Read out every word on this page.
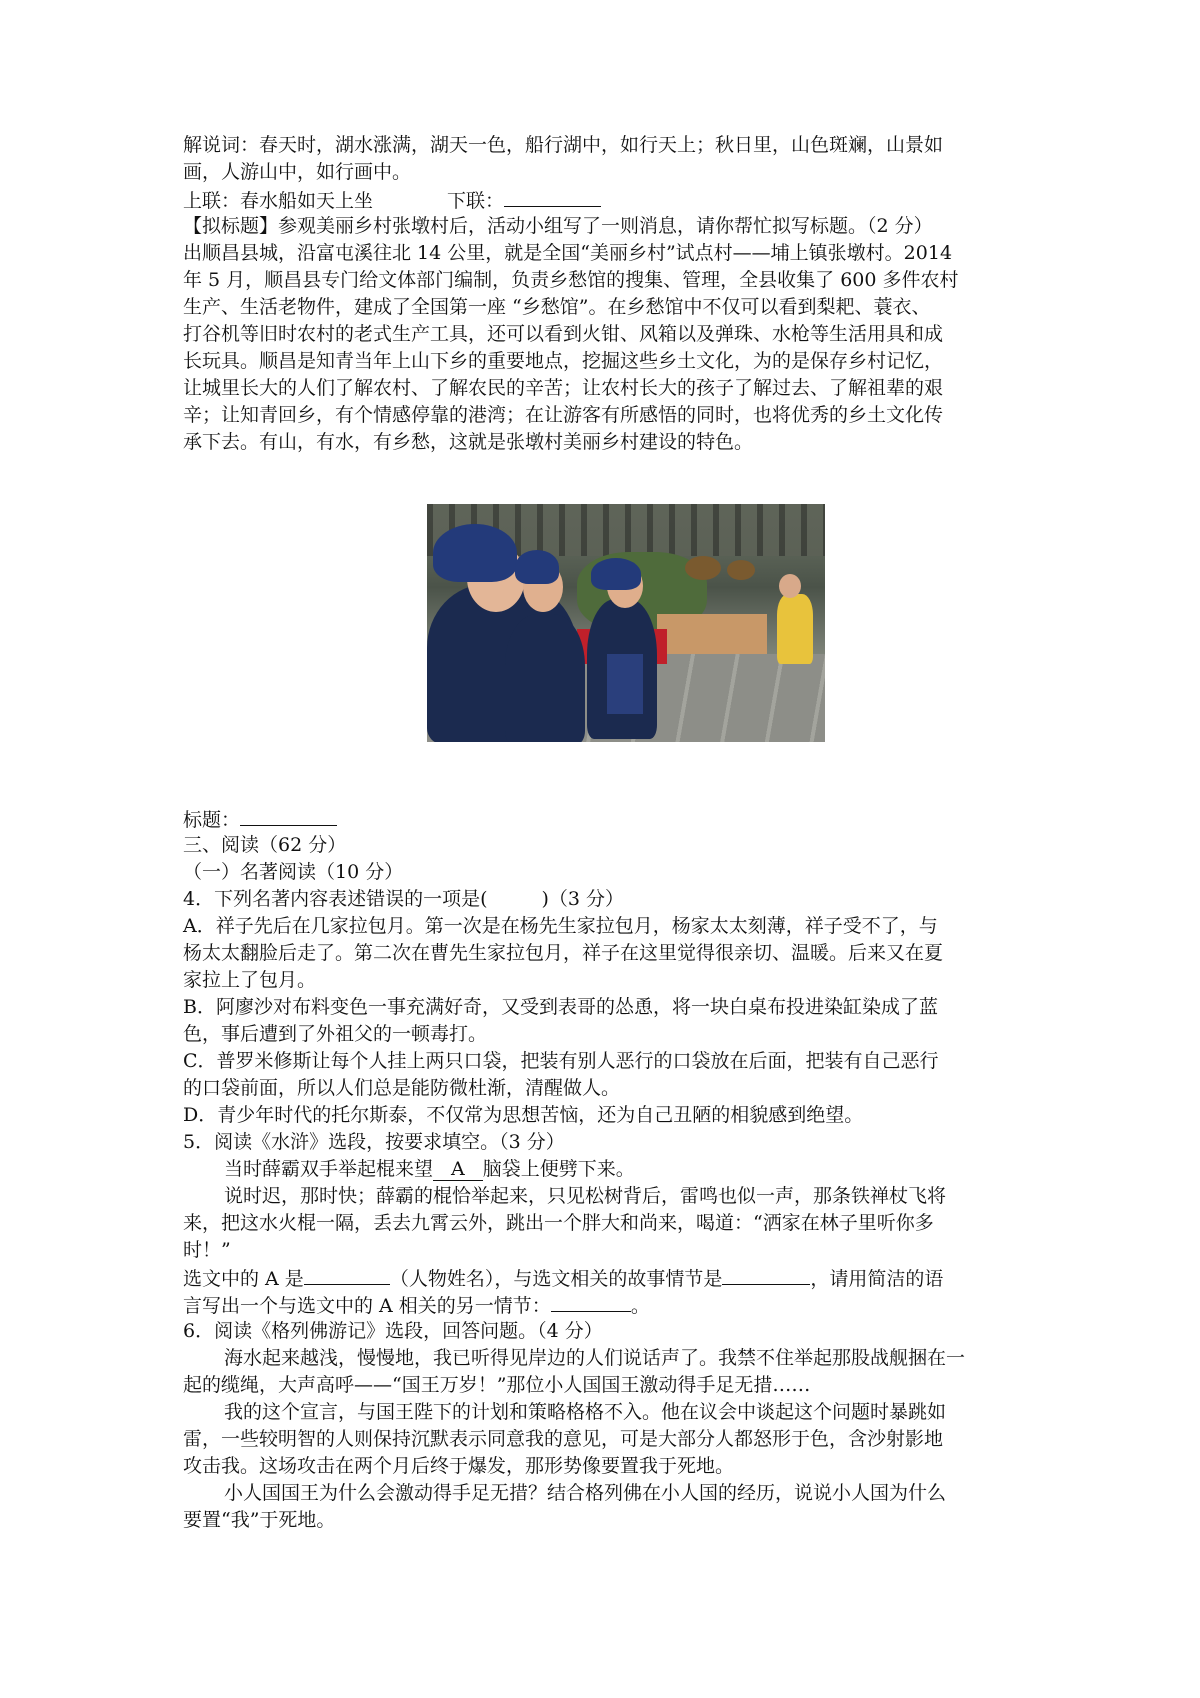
解说词：春天时，湖水涨满，湖天一色，船行湖中，如行天上；秋日里，山色斑斓，山景如
画，人游山中，如行画中。
上联：春水船如天上坐	下联：
【拟标题】参观美丽乡村张墩村后，活动小组写了一则消息，请你帮忙拟写标题。（2 分）
出顺昌县城，沿富屯溪往北 14 公里，就是全国“美丽乡村”试点村——埔上镇张墩村。2014
年 5 月，顺昌县专门给文体部门编制，负责乡愁馆的搜集、管理，全县收集了 600 多件农村
生产、生活老物件，建成了全国第一座 “乡愁馆”。在乡愁馆中不仅可以看到梨耙、蓑衣、
打谷机等旧时农村的老式生产工具，还可以看到火钳、风箱以及弹珠、水枪等生活用具和成
长玩具。顺昌是知青当年上山下乡的重要地点，挖掘这些乡土文化，为的是保存乡村记忆，
让城里长大的人们了解农村、了解农民的辛苦；让农村长大的孩子了解过去、了解祖辈的艰
辛；让知青回乡，有个情感停靠的港湾；在让游客有所感悟的同时，也将优秀的乡土文化传
承下去。有山，有水，有乡愁，这就是张墩村美丽乡村建设的特色。
标题：
三、阅读（62 分）
（一）名著阅读（10 分）
4．下列名著内容表述错误的一项是(	)（3 分）
A．祥子先后在几家拉包月。第一次是在杨先生家拉包月，杨家太太刻薄，祥子受不了，与
杨太太翻脸后走了。第二次在曹先生家拉包月，祥子在这里觉得很亲切、温暖。后来又在夏
家拉上了包月。
B．阿廖沙对布料变色一事充满好奇，又受到表哥的怂恿，将一块白桌布投进染缸染成了蓝
色，事后遭到了外祖父的一顿毒打。
C．普罗米修斯让每个人挂上两只口袋，把装有别人恶行的口袋放在后面，把装有自己恶行
的口袋前面，所以人们总是能防微杜渐，清醒做人。
D．青少年时代的托尔斯泰，不仅常为思想苦恼，还为自己丑陋的相貌感到绝望。
5．阅读《水浒》选段，按要求填空。（3 分）
当时薛霸双手举起棍来望 A 脑袋上便劈下来。
说时迟，那时快；薛霸的棍恰举起来，只见松树背后，雷鸣也似一声，那条铁禅杖飞将
来，把这水火棍一隔，丢去九霄云外，跳出一个胖大和尚来，喝道：“洒家在林子里听你多
时！”
选文中的 A 是	（人物姓名），与选文相关的故事情节是	，请用简洁的语
言写出一个与选文中的 A 相关的另一情节：	。
6．阅读《格列佛游记》选段，回答问题。（4 分）
海水起来越浅，慢慢地，我已听得见岸边的人们说话声了。我禁不住举起那股战舰捆在一
起的缆绳，大声高呼——“国王万岁！”那位小人国国王激动得手足无措……
我的这个宣言，与国王陛下的计划和策略格格不入。他在议会中谈起这个问题时暴跳如
雷，一些较明智的人则保持沉默表示同意我的意见，可是大部分人都怒形于色，含沙射影地
攻击我。这场攻击在两个月后终于爆发，那形势像要置我于死地。
小人国国王为什么会激动得手足无措？结合格列佛在小人国的经历，说说小人国为什么
要置“我”于死地。
